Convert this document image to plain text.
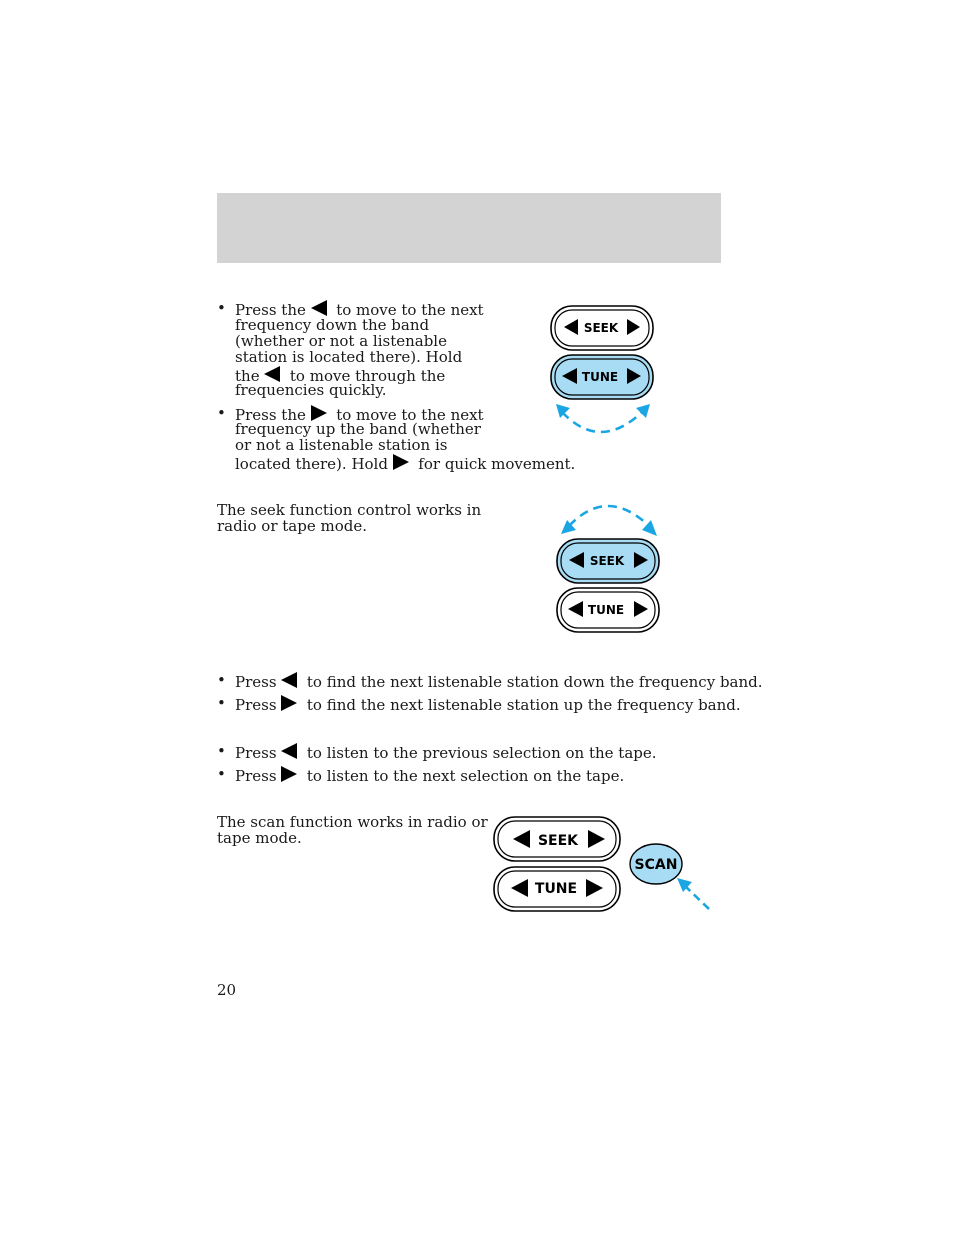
• Press the to move to the next
frequency down the band
(whether or not a listenable
station is located there). Hold
the to move through the
frequencies quickly.
• Press the to move to the next
frequency up the band (whether
or not a listenable station is
located there). Hold for quick movement.
SEEK
TUNE
The seek function control works in
radio or tape mode.
SEEK
TUNE
• Press to find the next listenable station down the frequency band.
• Press to find the next listenable station up the frequency band.
• Press to listen to the previous selection on the tape.
• Press to listen to the next selection on the tape.
The scan function works in radio or
tape mode.	SEEK
TUNE
SCAN
20
